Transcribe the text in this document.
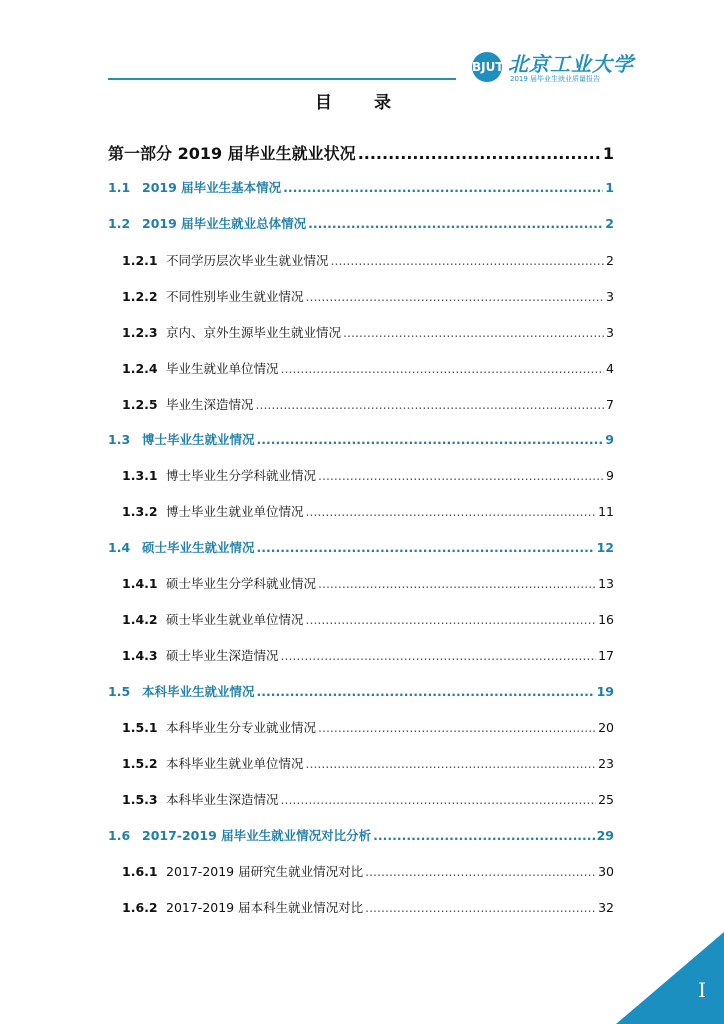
BJUT 北京工业大学
2019 届毕业生就业质量报告
目 录
第一部分 2019 届毕业生就业状况 .....	1
1.1 2019 届毕业生基本情况 .....	1
1.2 2019 届毕业生就业总体情况 .....	2
1.2.1 不同学历层次毕业生就业情况 .....	2
1.2.2 不同性别毕业生就业情况 .....	3
1.2.3 京内、京外生源毕业生就业情况 .....	3
1.2.4 毕业生就业单位情况 .....	4
1.2.5 毕业生深造情况 .....	7
1.3 博士毕业生就业情况 .....	9
1.3.1 博士毕业生分学科就业情况 .....	9
1.3.2 博士毕业生就业单位情况 .....	11
1.4 硕士毕业生就业情况 .....	12
1.4.1 硕士毕业生分学科就业情况 .....	13
1.4.2 硕士毕业生就业单位情况 .....	16
1.4.3 硕士毕业生深造情况 .....	17
1.5 本科毕业生就业情况 .....	19
1.5.1 本科毕业生分专业就业情况 .....	20
1.5.2 本科毕业生就业单位情况 .....	23
1.5.3 本科毕业生深造情况 .....	25
1.6 2017-2019 届毕业生就业情况对比分析 .....	29
1.6.1 2017-2019 届研究生就业情况对比 .....	30
1.6.2 2017-2019 届本科生就业情况对比 .....	32
I
